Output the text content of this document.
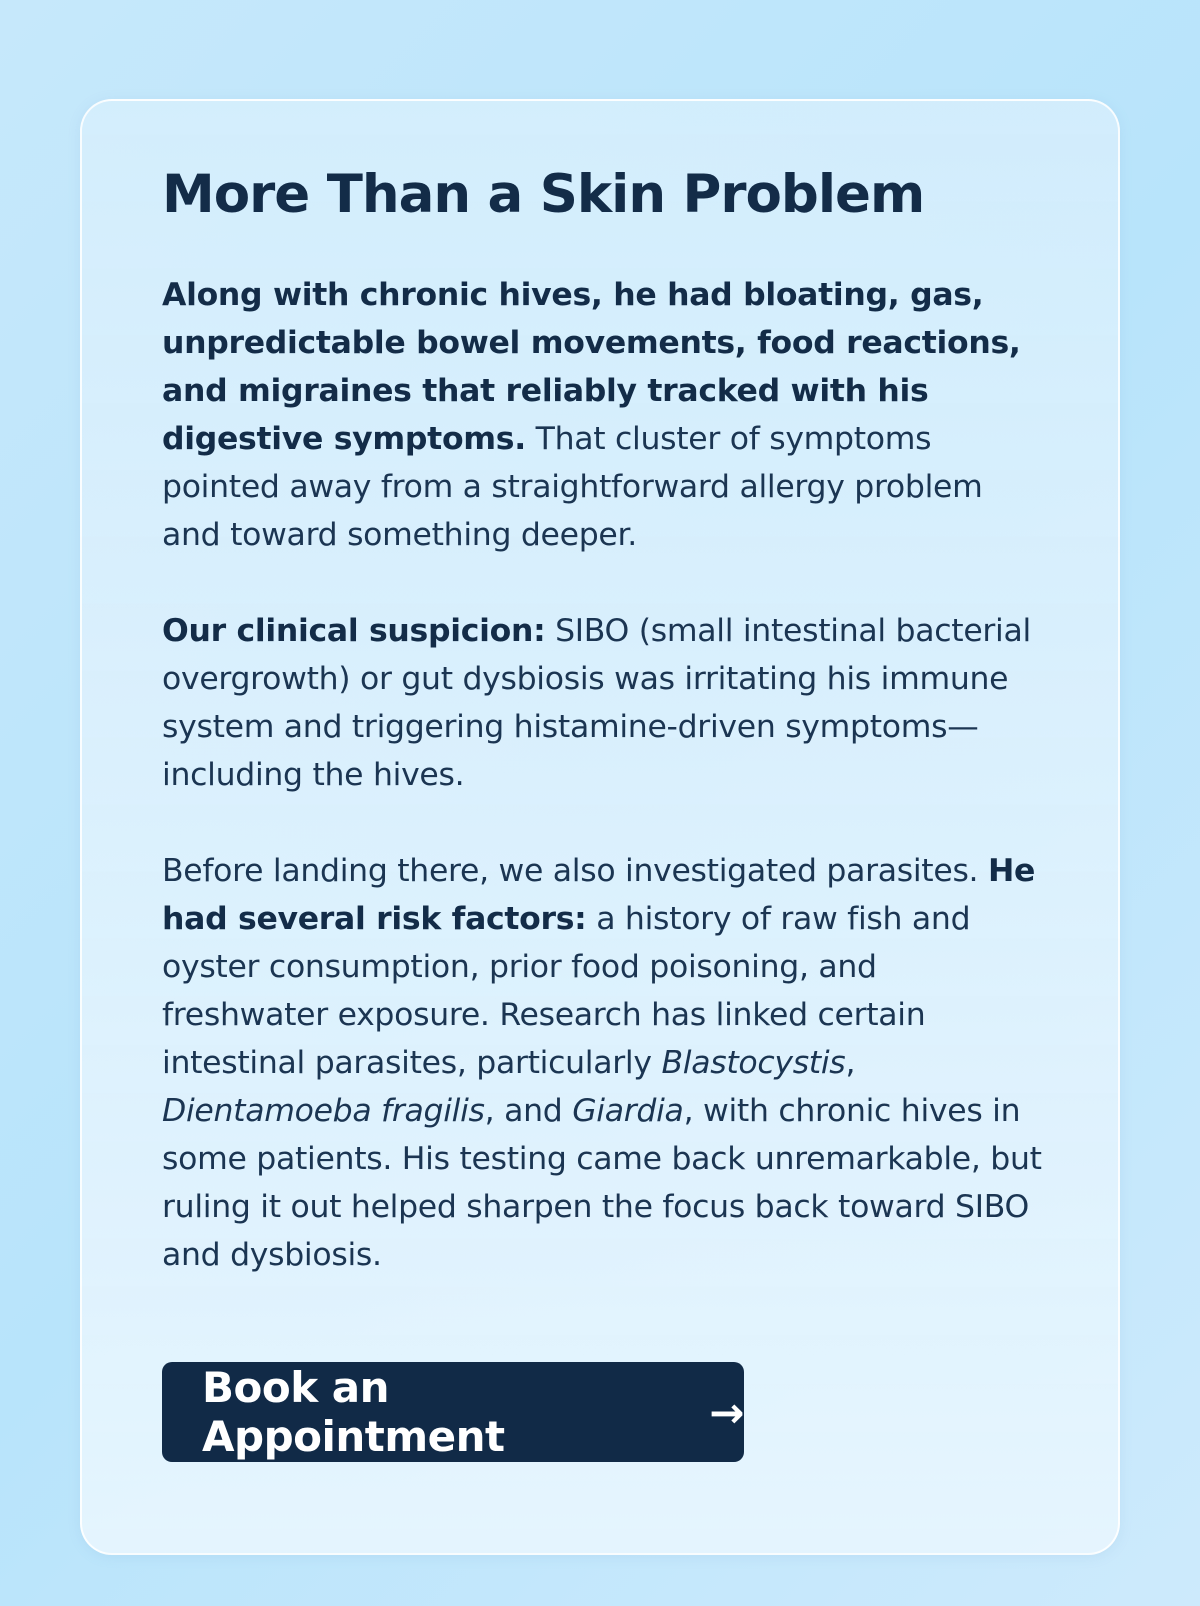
More Than a Skin Problem

Along with chronic hives, he had bloating, gas, unpredictable bowel movements, food reactions, and migraines that reliably tracked with his digestive symptoms. That cluster of symptoms pointed away from a straightforward allergy problem and toward something deeper.

Our clinical suspicion: SIBO (small intestinal bacterial overgrowth) or gut dysbiosis was irritating his immune system and triggering histamine-driven symptoms—including the hives.

Before landing there, we also investigated parasites. He had several risk factors: a history of raw fish and oyster consumption, prior food poisoning, and freshwater exposure. Research has linked certain intestinal parasites, particularly Blastocystis, Dientamoeba fragilis, and Giardia, with chronic hives in some patients. His testing came back unremarkable, but ruling it out helped sharpen the focus back toward SIBO and dysbiosis.

Book an Appointment	→
